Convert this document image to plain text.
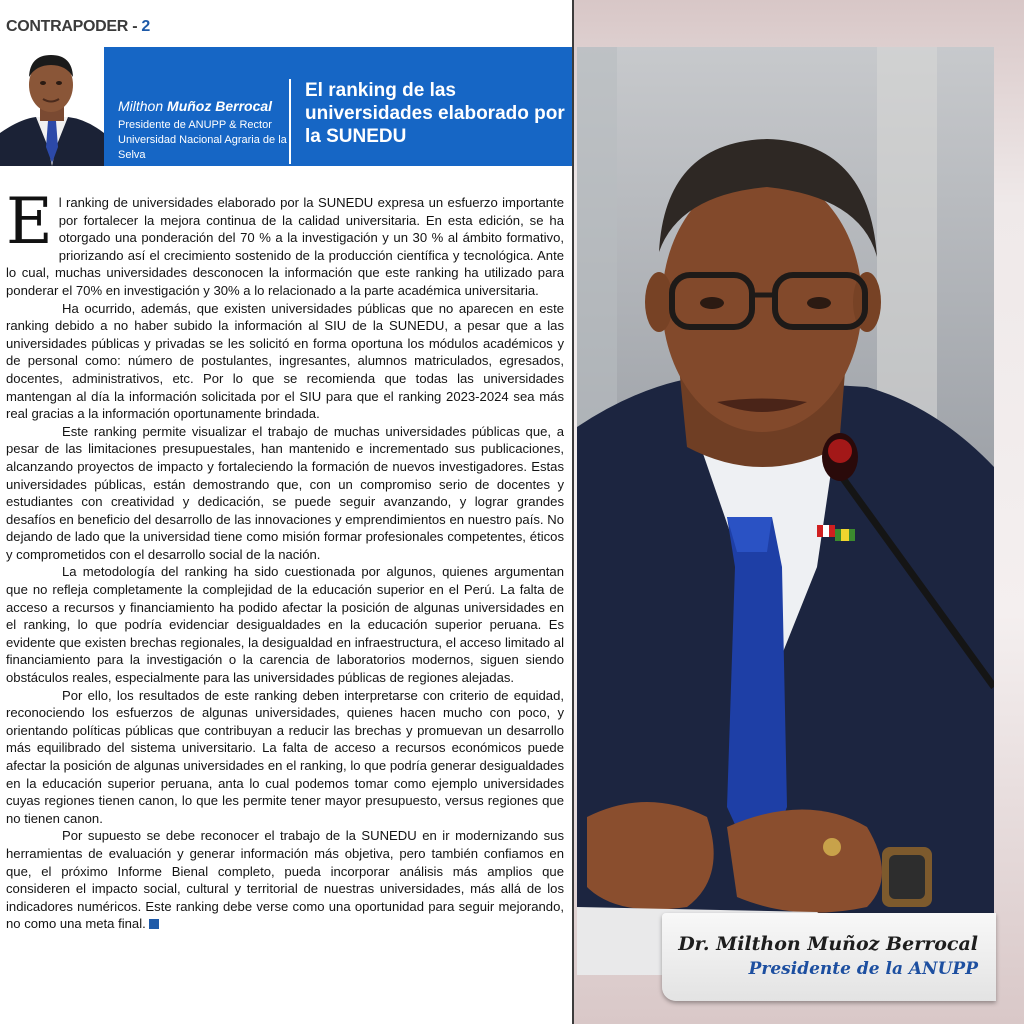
CONTRAPODER - 2
Milthon Muñoz Berrocal
Presidente de ANUPP & Rector Universidad Nacional Agraria de la Selva
El ranking de las universidades elaborado por la SUNEDU

El ranking de universidades elaborado por la SUNEDU expresa un esfuerzo importante por fortalecer la mejora continua de la calidad universitaria. En esta edición, se ha otorgado una ponderación del 70 % a la investigación y un 30 % al ámbito formativo, priorizando así el crecimiento sostenido de la producción científica y tecnológica. Ante lo cual, muchas universidades desconocen la información que este ranking ha utilizado para ponderar el 70% en investigación y 30% a lo relacionado a la parte académica universitaria.

Ha ocurrido, además, que existen universidades públicas que no aparecen en este ranking debido a no haber subido la información al SIU de la SUNEDU, a pesar que a las universidades públicas y privadas se les solicitó en forma oportuna los módulos académicos y de personal como: número de postulantes, ingresantes, alumnos matriculados, egresados, docentes, administrativos, etc. Por lo que se recomienda que todas las universidades mantengan al día la información solicitada por el SIU para que el ranking 2023-2024 sea más real gracias a la información oportunamente brindada.

Este ranking permite visualizar el trabajo de muchas universidades públicas que, a pesar de las limitaciones presupuestales, han mantenido e incrementado sus publicaciones, alcanzando proyectos de impacto y fortaleciendo la formación de nuevos investigadores. Estas universidades públicas, están demostrando que, con un compromiso serio de docentes y estudiantes con creatividad y dedicación, se puede seguir avanzando, y lograr grandes desafíos en beneficio del desarrollo de las innovaciones y emprendimientos en nuestro país. No dejando de lado que la universidad tiene como misión formar profesionales competentes, éticos y comprometidos con el desarrollo social de la nación.

La metodología del ranking ha sido cuestionada por algunos, quienes argumentan que no refleja completamente la complejidad de la educación superior en el Perú. La falta de acceso a recursos y financiamiento ha podido afectar la posición de algunas universidades en el ranking, lo que podría evidenciar desigualdades en la educación superior peruana. Es evidente que existen brechas regionales, la desigualdad en infraestructura, el acceso limitado al financiamiento para la investigación o la carencia de laboratorios modernos, siguen siendo obstáculos reales, especialmente para las universidades públicas de regiones alejadas.

Por ello, los resultados de este ranking deben interpretarse con criterio de equidad, reconociendo los esfuerzos de algunas universidades, quienes hacen mucho con poco, y orientando políticas públicas que contribuyan a reducir las brechas y promuevan un desarrollo más equilibrado del sistema universitario. La falta de acceso a recursos económicos puede afectar la posición de algunas universidades en el ranking, lo que podría generar desigualdades en la educación superior peruana, anta lo cual podemos tomar como ejemplo universidades cuyas regiones tienen canon, lo que les permite tener mayor presupuesto, versus regiones que no tienen canon.

Por supuesto se debe reconocer el trabajo de la SUNEDU en ir modernizando sus herramientas de evaluación y generar información más objetiva, pero también confiamos en que, el próximo Informe Bienal completo, pueda incorporar análisis más amplios que consideren el impacto social, cultural y territorial de nuestras universidades, más allá de los indicadores numéricos. Este ranking debe verse como una oportunidad para seguir mejorando, no como una meta final.

Dr. Milthon Muñoz Berrocal
Presidente de la ANUPP
